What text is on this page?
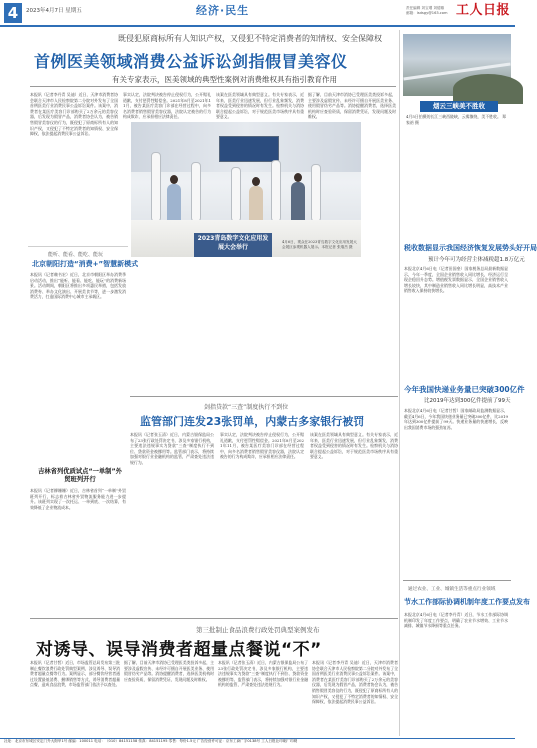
4	2023年4月7日 星期五	经济·民生	责任编辑 刘宝增 刘德雄
邮箱：lsdsgy@163.com 工人日报
既侵犯原商标所有人知识产权，又侵犯不特定消费者的知情权、安全保障权
首例医美领域消费公益诉讼剑指假冒美容仪
有关专家表示，医美领域的典型性案例对消费维权具有指引教育作用
本报讯（记者李丹青 吴迪）近日，天津市消费者协会联合天津市人民检察院第二分院对外发布了全国首例医美行业消费民事公益诉讼案件。该案中，消费者在某医疗美容门诊部购买了2万余元的美容仪器，后发现为假冒产品，消费者协会认为，被告销售假冒美容仪的行为，既侵犯了原商标所有人的知识产权，又侵犯了不特定消费者的知情权、安全保障权，依法提起消费民事公益诉讼。
事实认定，法院判决被告停止侵权行为，公开赔礼道歉，支付惩罚性赔偿金。2021年8月至2021年11月，被告某医疗美容门诊部在经营过程中，向多名消费者销售假冒美容仪器，法院认定被告的行为构成欺诈，应承担相应法律责任。
该案在医美领域具有典型意义。有关专家表示，近年来，医美行业迅速发展，但行业乱象频发，消费者权益受到侵害的情况时有发生。检察机关与消协联合提起公益诉讼，对于规范医美市场秩序具有重要意义。
据了解，目前天津市消协已受理医美类投诉多起，主要涉及虚假宣传、未经许可擅自开展医美业务、使用假冒伪劣产品等。消协提醒消费者，选择医美机构时应查验资质，保留消费凭证，发现问题及时维权。
2023青岛数字文化应用发展大会举行
4月6日，观众在2023青岛数字文化应用发展大会展区参观机器人展示。本报记者 张瑞杰 摄
能听、能看、能吃、能玩
北京朝阳打造“消费+”智慧新模式
本报讯（记者赖书宏）近日，北京市朝阳区举办消费季启动活动，推出“能听、能看、能吃、能玩”的消费新场景。活动期间，朝阳区将推出多项惠民举措，包括发放消费券、举办文化演出、开展美食节等，进一步激发消费活力，打造国际消费中心城市主承载区。
吉林省列优质试点“一单制”外贸班列开行
本报讯（记者柳姗姗）近日，吉林省首列“一单制”外贸班列开行，标志着吉林省外贸物流服务能力进一步提升。该班列实现了一次托运、一单到底、一次结算，有效降低了企业物流成本。
剑指贷款“三查”制度执行不到位
监管部门连发23张罚单，内蒙古多家银行被罚
本报讯（记者张玉清）近日，内蒙古银保监局公布了23张行政处罚决定书，涉及多家银行机构，主要违法违规事实为贷款“三查”制度执行不到位、贷款资金被挪用等。监管部门表示，将持续加强对银行业金融机构的监管，严肃查处违法违规行为。
事实认定，法院判决被告停止侵权行为，公开赔礼道歉，支付惩罚性赔偿金。2021年8月至2021年11月，被告某医疗美容门诊部在经营过程中，向多名消费者销售假冒美容仪器，法院认定被告的行为构成欺诈，应承担相应法律责任。
该案在医美领域具有典型意义。有关专家表示，近年来，医美行业迅速发展，但行业乱象频发，消费者权益受到侵害的情况时有发生。检察机关与消协联合提起公益诉讼，对于规范医美市场秩序具有重要意义。
烟云三峡美不胜收
4月5日拍摄的长江三峡西陵峡，云雾缭绕，美不胜收。 郑家裕 摄
税收数据显示我国经济恢复发展势头好开局
预计今年可为经营主体减税超1.8万亿元
本报北京4月6日电（记者田国垒）国家税务总局最新数据显示，今年一季度，全国企业销售收入同比增长，经济运行呈现企稳回升态势。增值税发票数据显示，全国企业销售收入增长较快，其中制造业销售收入同比增长明显，高技术产业销售收入保持较快增长。
今年我国快递业务量已突破300亿件
比2019年达到300亿件提前了99天
本报北京4月6日电（记者甘皙）国家邮政局监测数据显示，截至4月6日，今年我国快递业务量已突破300亿件，比2019年达到300亿件提前了99天。快递业务量的快速增长，反映出我国消费市场的强劲复苏。
通过农业、工业、城镇生活等重点行业领域
节水工作部际协调机制年度工作要点发布
本报北京4月6日电（记者李丹青）近日，节水工作部际协调机制印发了年度工作要点，明确了农业节水增效、工业节水减排、城镇节水降损等重点任务。
第三批制止食品浪费行政处罚典型案例发布
对诱导、误导消费者超量点餐说“不”
本报讯（记者甘皙）近日，市场监管总局发布第三批制止餐饮浪费行政处罚典型案例，涉及诱导、误导消费者超量点餐等行为。案例显示，部分餐饮经营者通过设置最低消费、捆绑销售等方式，诱导消费者超量点餐，造成食品浪费，市场监管部门依法予以查处。
据了解，目前天津市消协已受理医美类投诉多起，主要涉及虚假宣传、未经许可擅自开展医美业务、使用假冒伪劣产品等。消协提醒消费者，选择医美机构时应查验资质，保留消费凭证，发现问题及时维权。
本报讯（记者张玉清）近日，内蒙古银保监局公布了23张行政处罚决定书，涉及多家银行机构，主要违法违规事实为贷款“三查”制度执行不到位、贷款资金被挪用等。监管部门表示，将持续加强对银行业金融机构的监管，严肃查处违法违规行为。
本报讯（记者李丹青 吴迪）近日，天津市消费者协会联合天津市人民检察院第二分院对外发布了全国首例医美行业消费民事公益诉讼案件。该案中，消费者在某医疗美容门诊部购买了2万余元的美容仪器，后发现为假冒产品，消费者协会认为，被告销售假冒美容仪的行为，既侵犯了原商标所有人的知识产权，又侵犯了不特定消费者的知情权、安全保障权，依法提起消费民事公益诉讼。
社址：北京市东城区安定门外大街甲1号 邮编：100011 电话：（010）84151158 传真：84151195 零售：每份1.5元 广告经营许可证：京东工商广字0138号 工人日报社印刷厂印刷
